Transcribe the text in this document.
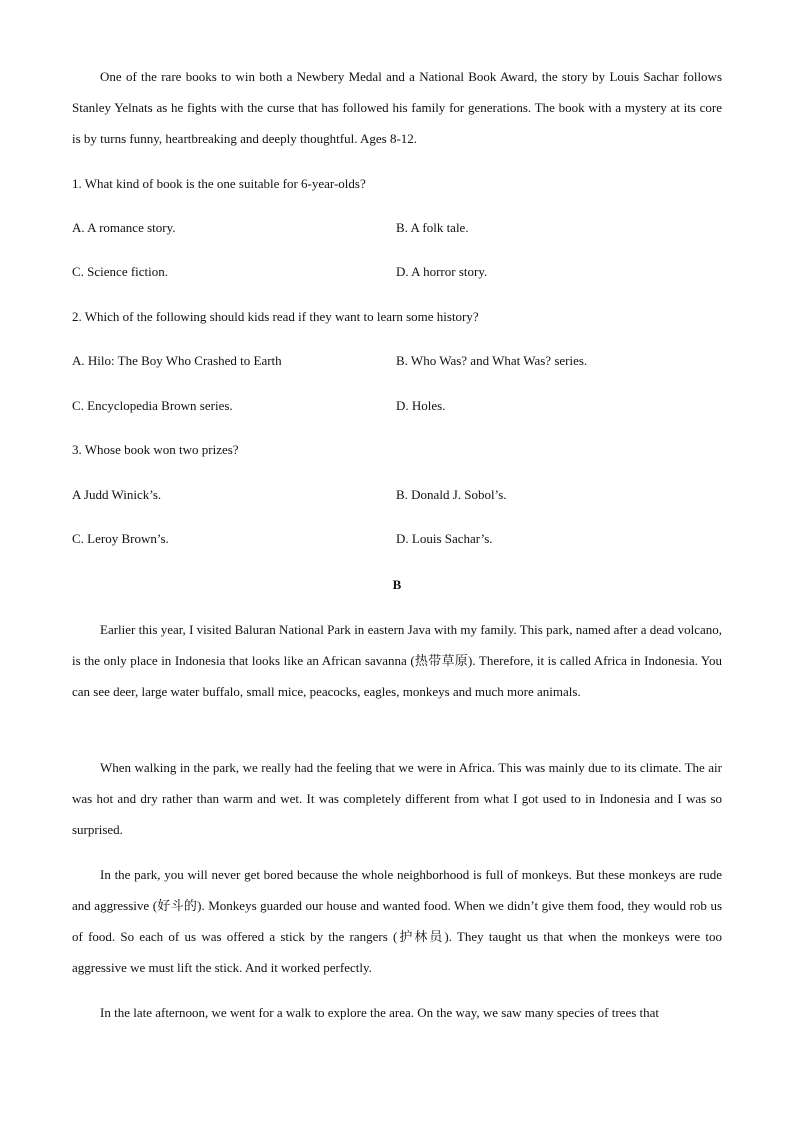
One of the rare books to win both a Newbery Medal and a National Book Award, the story by Louis Sachar follows Stanley Yelnats as he fights with the curse that has followed his family for generations. The book with a mystery at its core is by turns funny, heartbreaking and deeply thoughtful. Ages 8-12.

1. What kind of book is the one suitable for 6-year-olds?

A. A romance story.	B. A folk tale.

C. Science fiction.	D. A horror story.

2. Which of the following should kids read if they want to learn some history?

A. Hilo: The Boy Who Crashed to Earth	B. Who Was? and What Was? series.

C. Encyclopedia Brown series.	D. Holes.

3. Whose book won two prizes?

A Judd Winick’s.	B. Donald J. Sobol’s.

C. Leroy Brown’s.	D. Louis Sachar’s.

B

Earlier this year, I visited Baluran National Park in eastern Java with my family. This park, named after a dead volcano, is the only place in Indonesia that looks like an African savanna (热带草原). Therefore, it is called Africa in Indonesia. You can see deer, large water buffalo, small mice, peacocks, eagles, monkeys and much more animals.

When walking in the park, we really had the feeling that we were in Africa. This was mainly due to its climate. The air was hot and dry rather than warm and wet. It was completely different from what I got used to in Indonesia and I was so surprised.

In the park, you will never get bored because the whole neighborhood is full of monkeys. But these monkeys are rude and aggressive (好斗的). Monkeys guarded our house and wanted food. When we didn’t give them food, they would rob us of food. So each of us was offered a stick by the rangers (护林员). They taught us that when the monkeys were too aggressive we must lift the stick. And it worked perfectly.

In the late afternoon, we went for a walk to explore the area. On the way, we saw many species of trees that
